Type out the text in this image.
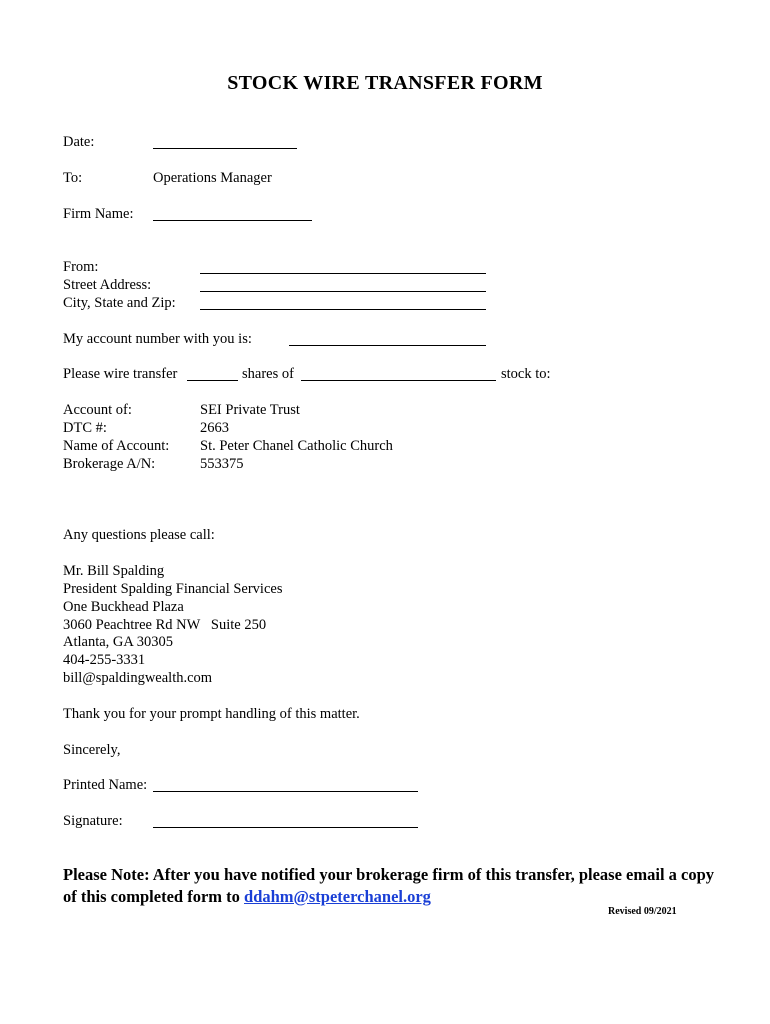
STOCK WIRE TRANSFER FORM
Date:
To:	Operations Manager
Firm Name:
From:
Street Address:
City, State and Zip:
My account number with you is:
Please wire transfer	shares of	stock to:
Account of:	SEI Private Trust
DTC #:	2663
Name of Account: St. Peter Chanel Catholic Church
Brokerage A/N:	553375
Any questions please call:
Mr. Bill Spalding
President Spalding Financial Services
One Buckhead Plaza
3060 Peachtree Rd NW   Suite 250
Atlanta, GA 30305
404-255-3331
bill@spaldingwealth.com
Thank you for your prompt handling of this matter.
Sincerely,
Printed Name:
Signature:
Please Note: After you have notified your brokerage firm of this transfer, please email a copy of this completed form to ddahm@stpeterchanel.org
Revised 09/2021
